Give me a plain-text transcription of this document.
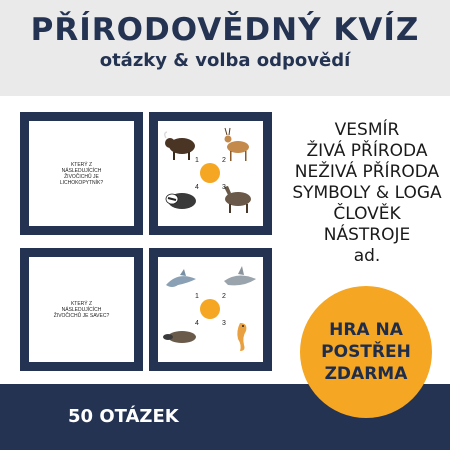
PŘÍRODOVĚDNÝ KVÍZ
otázky & volba odpovědí
KTERÝ Z NÁSLEDUJÍCÍCH ŽIVOČICHŮ JE LICHOKOPYTNÍK?
1	2
3
4
KTERÝ Z NÁSLEDUJÍCÍCH ŽIVOČICHŮ JE SAVEC?
1	2
3
4
VESMÍR
ŽIVÁ PŘÍRODA
NEŽIVÁ PŘÍRODA
SYMBOLY & LOGA
ČLOVĚK
NÁSTROJE
ad.
50 OTÁZEK
HRA NA
POSTŘEH
ZDARMA
